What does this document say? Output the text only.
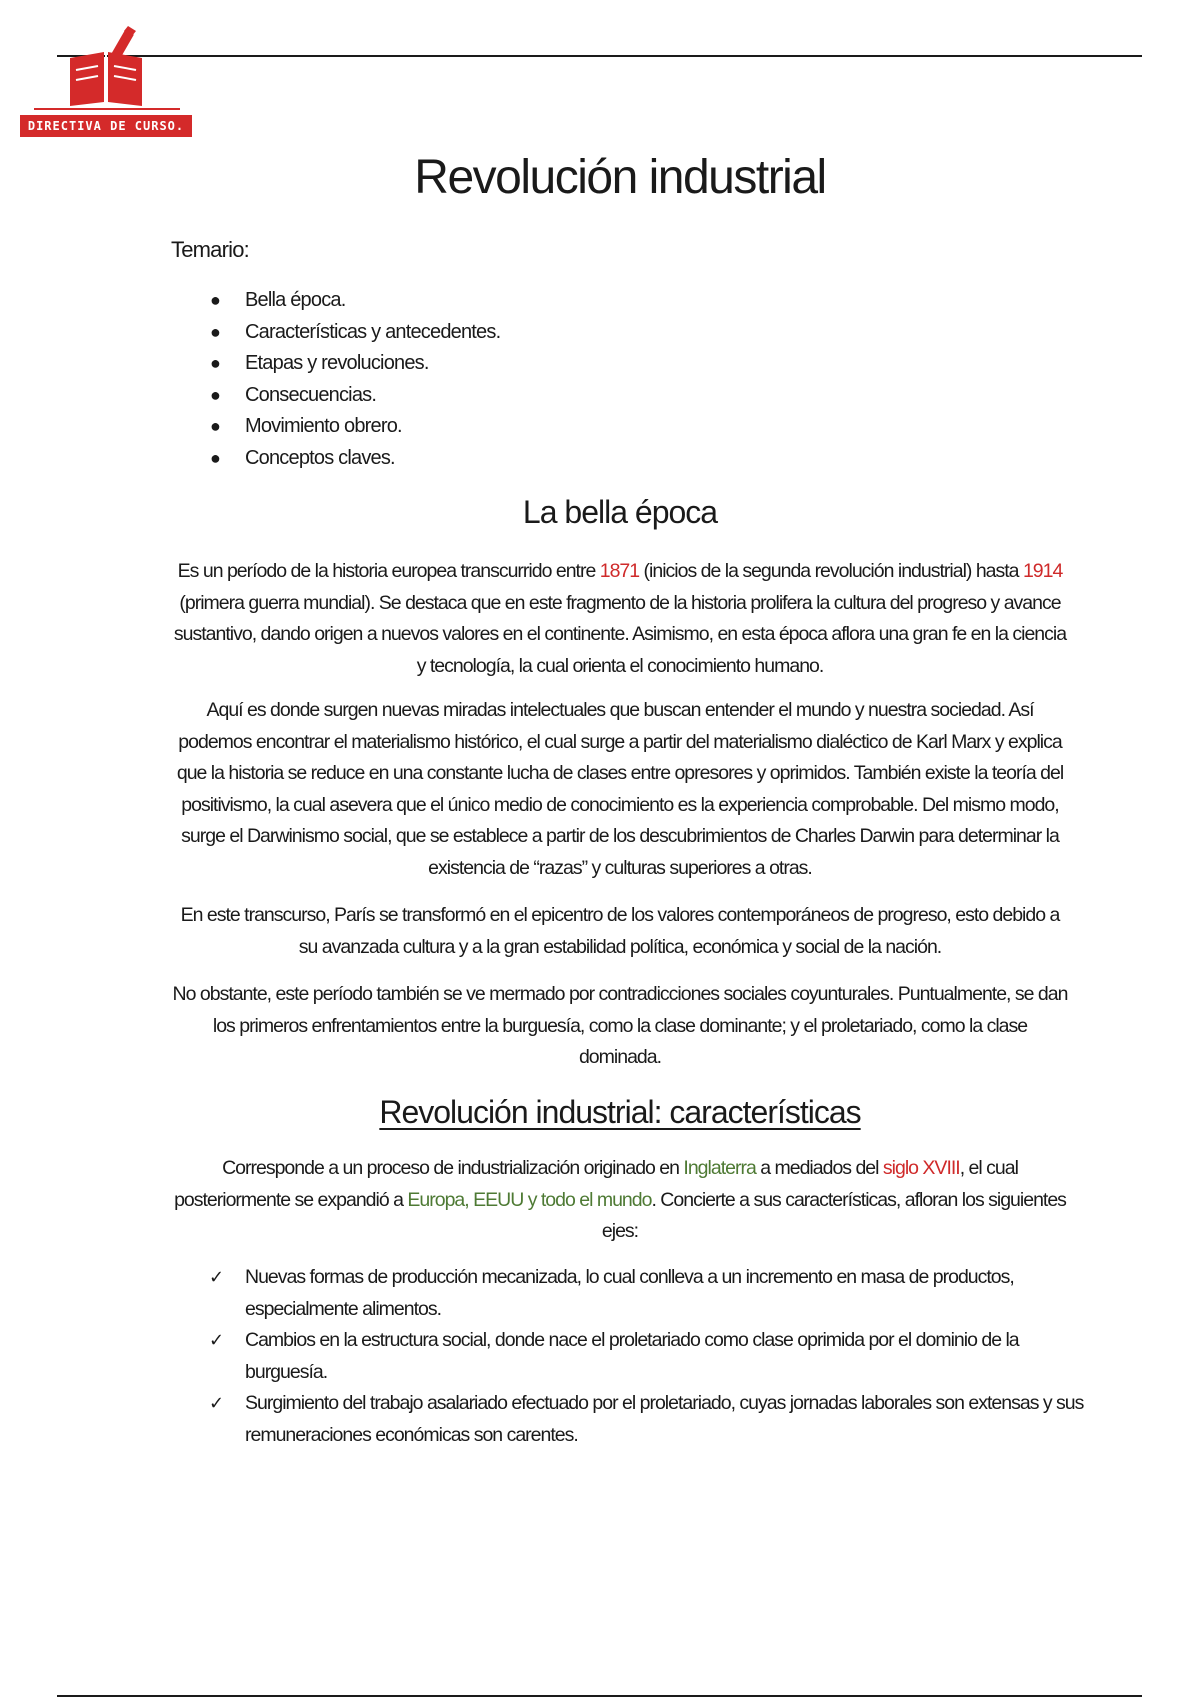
DIRECTIVA DE CURSO.
Revolución industrial
Temario:
● Bella época.
● Características y antecedentes.
● Etapas y revoluciones.
● Consecuencias.
● Movimiento obrero.
● Conceptos claves.
La bella época

Es un período de la historia europea transcurrido entre 1871 (inicios de la segunda revolución industrial) hasta 1914 (primera guerra mundial). Se destaca que en este fragmento de la historia prolifera la cultura del progreso y avance sustantivo, dando origen a nuevos valores en el continente. Asimismo, en esta época aflora una gran fe en la ciencia y tecnología, la cual orienta el conocimiento humano.

Aquí es donde surgen nuevas miradas intelectuales que buscan entender el mundo y nuestra sociedad. Así podemos encontrar el materialismo histórico, el cual surge a partir del materialismo dialéctico de Karl Marx y explica que la historia se reduce en una constante lucha de clases entre opresores y oprimidos. También existe la teoría del positivismo, la cual asevera que el único medio de conocimiento es la experiencia comprobable. Del mismo modo, surge el Darwinismo social, que se establece a partir de los descubrimientos de Charles Darwin para determinar la existencia de “razas” y culturas superiores a otras.

En este transcurso, París se transformó en el epicentro de los valores contemporáneos de progreso, esto debido a su avanzada cultura y a la gran estabilidad política, económica y social de la nación.

No obstante, este período también se ve mermado por contradicciones sociales coyunturales. Puntualmente, se dan los primeros enfrentamientos entre la burguesía, como la clase dominante; y el proletariado, como la clase dominada.

Revolución industrial: características

Corresponde a un proceso de industrialización originado en Inglaterra a mediados del siglo XVIII, el cual posteriormente se expandió a Europa, EEUU y todo el mundo. Concierte a sus características, afloran los siguientes ejes:

✓ Nuevas formas de producción mecanizada, lo cual conlleva a un incremento en masa de productos, especialmente alimentos.
✓ Cambios en la estructura social, donde nace el proletariado como clase oprimida por el dominio de la burguesía.
✓ Surgimiento del trabajo asalariado efectuado por el proletariado, cuyas jornadas laborales son extensas y sus remuneraciones económicas son carentes.
